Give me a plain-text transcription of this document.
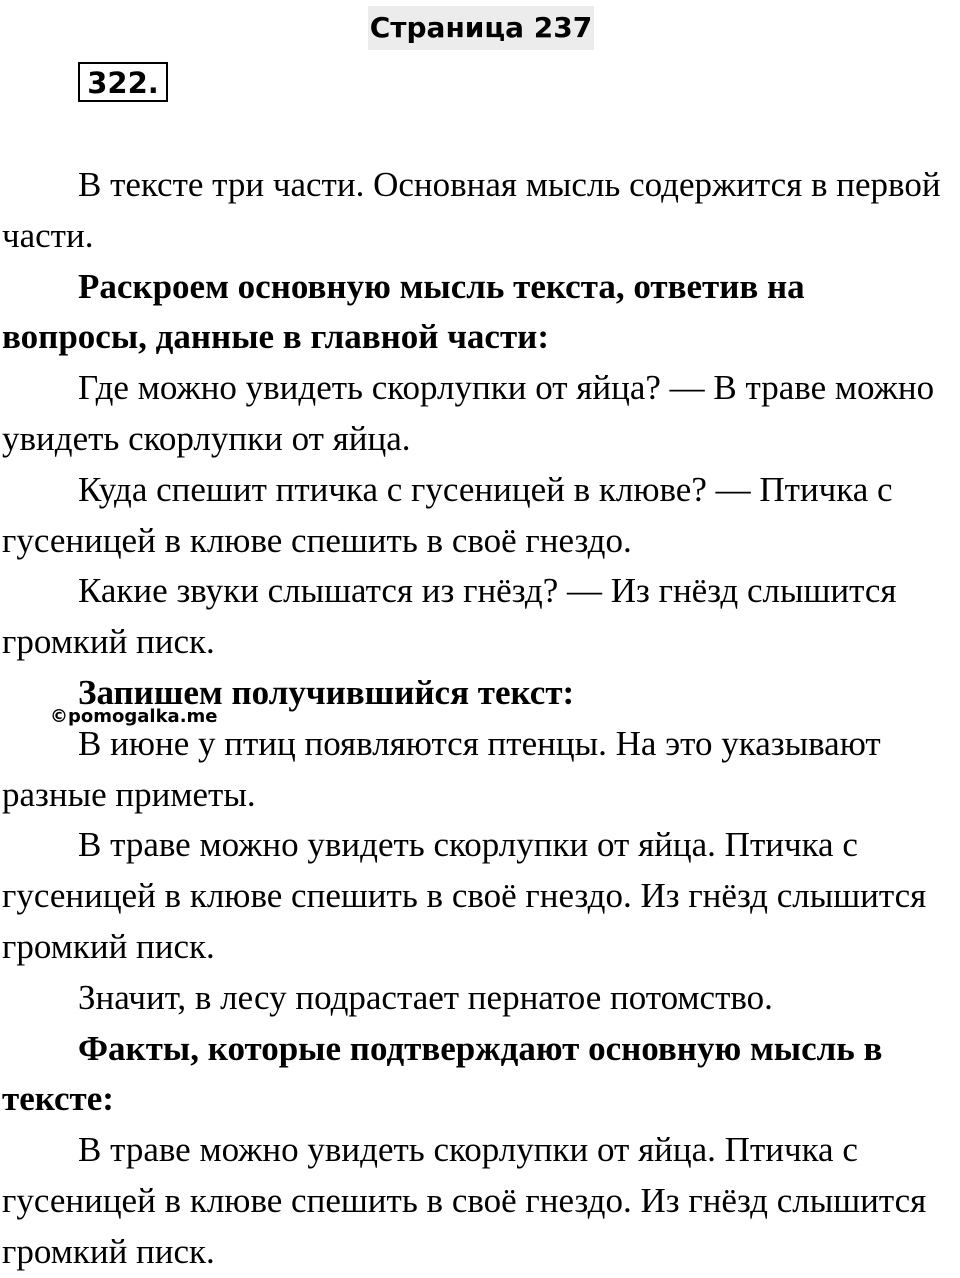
Страница 237
322.

В тексте три части. Основная мысль содержится в первой части.

Раскроем основную мысль текста, ответив на вопросы, данные в главной части:

Где можно увидеть скорлупки от яйца? — В траве можно увидеть скорлупки от яйца.

Куда спешит птичка с гусеницей в клюве? — Птичка с гусеницей в клюве спешить в своё гнездо.

Какие звуки слышатся из гнёзд? — Из гнёзд слышится громкий писк.

Запишем получившийся текст:

В июне у птиц появляются птенцы. На это указывают разные приметы.

В траве можно увидеть скорлупки от яйца. Птичка с гусеницей в клюве спешить в своё гнездо. Из гнёзд слышится громкий писк.

Значит, в лесу подрастает пернатое потомство.

Факты, которые подтверждают основную мысль в тексте:

В траве можно увидеть скорлупки от яйца. Птичка с гусеницей в клюве спешить в своё гнездо. Из гнёзд слышится громкий писк.

©pomogalka.me
